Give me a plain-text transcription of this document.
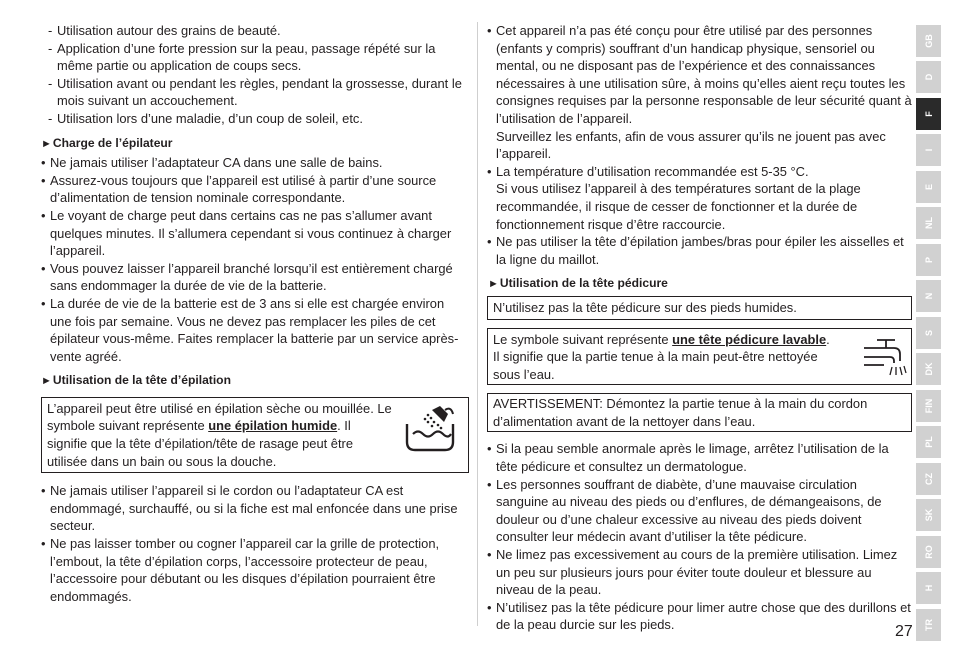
- Utilisation autour des grains de beauté.
- Application d’une forte pression sur la peau, passage répété sur la même partie ou application de coups secs.
- Utilisation avant ou pendant les règles, pendant la grossesse, durant le mois suivant un accouchement.
- Utilisation lors d’une maladie, d’un coup de soleil, etc.
►Charge de l’épilateur
• Ne jamais utiliser l’adaptateur CA dans une salle de bains.
• Assurez-vous toujours que l’appareil est utilisé à partir d’une source d’alimentation de tension nominale correspondante.
• Le voyant de charge peut dans certains cas ne pas s’allumer avant quelques minutes. Il s’allumera cependant si vous continuez à charger l’appareil.
• Vous pouvez laisser l’appareil branché lorsqu’il est entièrement chargé sans endommager la durée de vie de la batterie.
• La durée de vie de la batterie est de 3 ans si elle est chargée environ une fois par semaine. Vous ne devez pas remplacer les piles de cet épilateur vous-même. Faites remplacer la batterie par un service après-vente agréé.
►Utilisation de la tête d’épilation
L’appareil peut être utilisé en épilation sèche ou mouillée. Le symbole suivant représente une épilation humide. Il signifie que la tête d’épilation/tête de rasage peut être utilisée dans un bain ou sous la douche.
• Ne jamais utiliser l’appareil si le cordon ou l’adaptateur CA est endommagé, surchauffé, ou si la fiche est mal enfoncée dans une prise secteur.
• Ne pas laisser tomber ou cogner l’appareil car la grille de protection, l’embout, la tête d’épilation corps, l’accessoire protecteur de peau, l’accessoire pour débutant ou les disques d’épilation pourraient être endommagés.
• Cet appareil n’a pas été conçu pour être utilisé par des personnes (enfants y compris) souffrant d’un handicap physique, sensoriel ou mental, ou ne disposant pas de l’expérience et des connaissances nécessaires à une utilisation sûre, à moins qu’elles aient reçu toutes les consignes requises par la personne responsable de leur sécurité quant à l’utilisation de l’appareil.
Surveillez les enfants, afin de vous assurer qu’ils ne jouent pas avec l’appareil.
• La température d’utilisation recommandée est 5-35 °C.
Si vous utilisez l’appareil à des températures sortant de la plage recommandée, il risque de cesser de fonctionner et la durée de fonctionnement risque d’être raccourcie.
• Ne pas utiliser la tête d’épilation jambes/bras pour épiler les aisselles et la ligne du maillot.
►Utilisation de la tête pédicure
N’utilisez pas la tête pédicure sur des pieds humides.
Le symbole suivant représente une tête pédicure lavable. Il signifie que la partie tenue à la main peut-être nettoyée sous l’eau.
AVERTISSEMENT: Démontez la partie tenue à la main du cordon d’alimentation avant de la nettoyer dans l’eau.
• Si la peau semble anormale après le limage, arrêtez l’utilisation de la tête pédicure et consultez un dermatologue.
• Les personnes souffrant de diabète, d’une mauvaise circulation sanguine au niveau des pieds ou d’enflures, de démangeaisons, de douleur ou d’une chaleur excessive au niveau des pieds doivent consulter leur médecin avant d’utiliser la tête pédicure.
• Ne limez pas excessivement au cours de la première utilisation. Limez un peu sur plusieurs jours pour éviter toute douleur et blessure au niveau de la peau.
• N’utilisez pas la tête pédicure pour limer autre chose que des durillons et de la peau durcie sur les pieds.
GB
D
F
I
E
NL
P
N
S
DK
FIN
PL
CZ
SK
RO
H
TR
27
